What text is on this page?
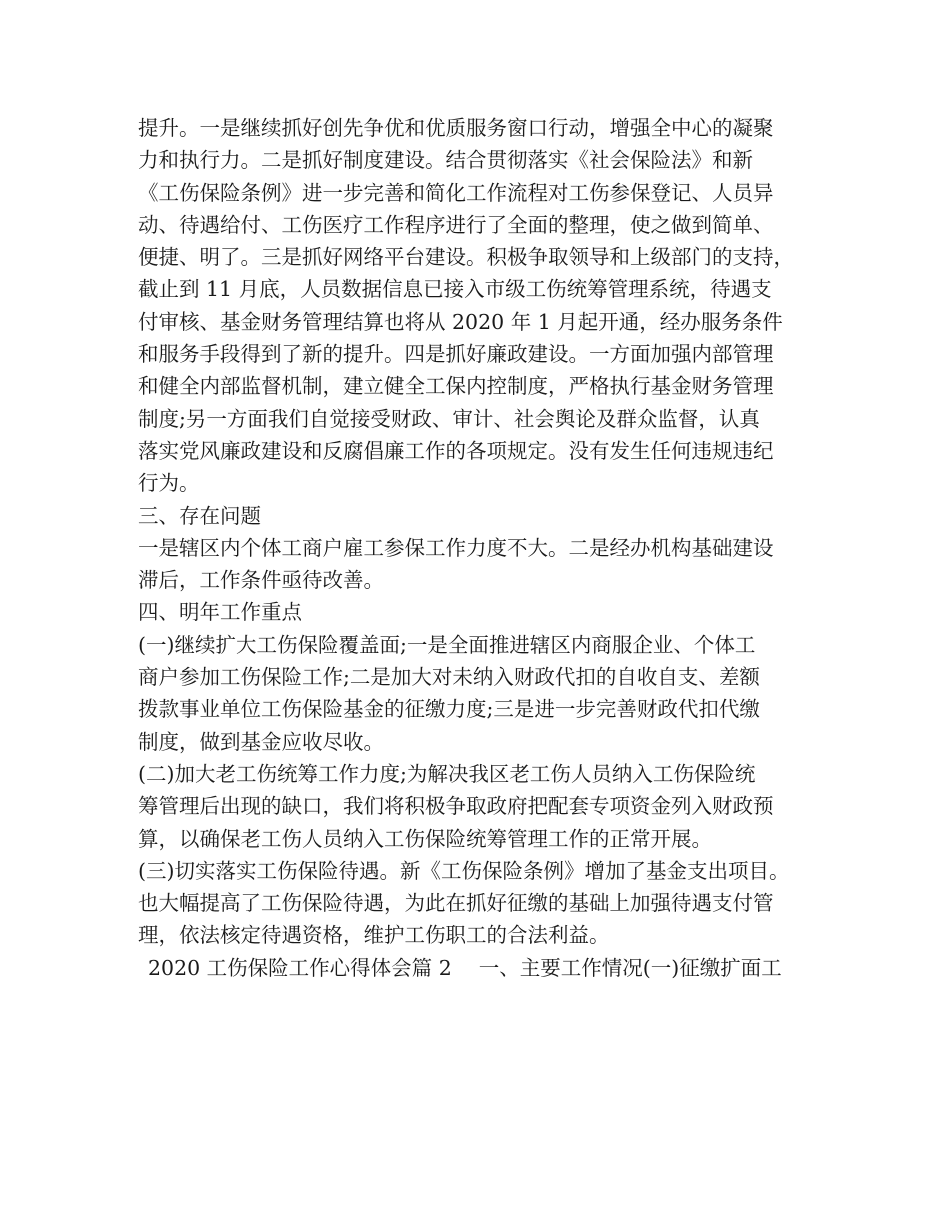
提升。一是继续抓好创先争优和优质服务窗口行动，增强全中心的凝聚
力和执行力。二是抓好制度建设。结合贯彻落实《社会保险法》和新
《工伤保险条例》进一步完善和简化工作流程对工伤参保登记、人员异
动、待遇给付、工伤医疗工作程序进行了全面的整理，使之做到简单、
便捷、明了。三是抓好网络平台建设。积极争取领导和上级部门的支持，
截止到 11 月底，人员数据信息已接入市级工伤统筹管理系统，待遇支
付审核、基金财务管理结算也将从 2020 年 1 月起开通，经办服务条件
和服务手段得到了新的提升。四是抓好廉政建设。一方面加强内部管理
和健全内部监督机制，建立健全工保内控制度，严格执行基金财务管理
制度;另一方面我们自觉接受财政、审计、社会舆论及群众监督，认真
落实党风廉政建设和反腐倡廉工作的各项规定。没有发生任何违规违纪
行为。
三、存在问题
一是辖区内个体工商户雇工参保工作力度不大。二是经办机构基础建设
滞后，工作条件亟待改善。
四、明年工作重点
(一)继续扩大工伤保险覆盖面;一是全面推进辖区内商服企业、个体工
商户参加工伤保险工作;二是加大对未纳入财政代扣的自收自支、差额
拨款事业单位工伤保险基金的征缴力度;三是进一步完善财政代扣代缴
制度，做到基金应收尽收。
(二)加大老工伤统筹工作力度;为解决我区老工伤人员纳入工伤保险统
筹管理后出现的缺口，我们将积极争取政府把配套专项资金列入财政预
算，以确保老工伤人员纳入工伤保险统筹管理工作的正常开展。
(三)切实落实工伤保险待遇。新《工伤保险条例》增加了基金支出项目。
也大幅提高了工伤保险待遇，为此在抓好征缴的基础上加强待遇支付管
理，依法核定待遇资格，维护工伤职工的合法利益。
2020 工伤保险工作心得体会篇 2　 一、主要工作情况(一)征缴扩面工
